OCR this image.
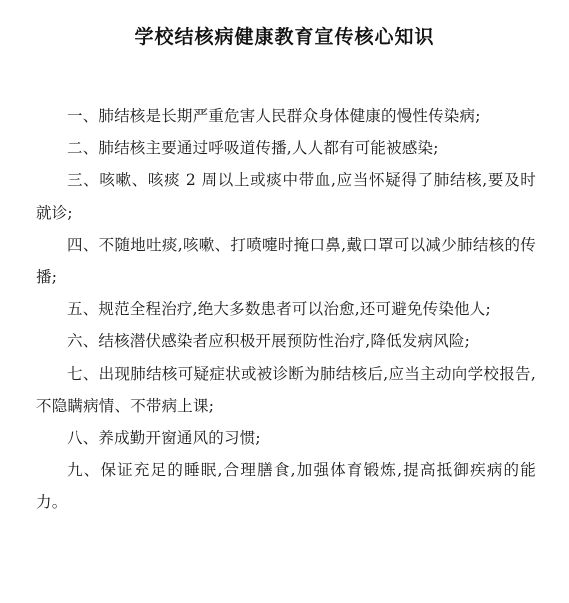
学校结核病健康教育宣传核心知识

一、肺结核是长期严重危害人民群众身体健康的慢性传染病;

二、肺结核主要通过呼吸道传播,人人都有可能被感染;

三、咳嗽、咳痰 2 周以上或痰中带血,应当怀疑得了肺结核,要及时就诊;

四、不随地吐痰,咳嗽、打喷嚏时掩口鼻,戴口罩可以减少肺结核的传播;

五、规范全程治疗,绝大多数患者可以治愈,还可避免传染他人;

六、结核潜伏感染者应积极开展预防性治疗,降低发病风险;

七、出现肺结核可疑症状或被诊断为肺结核后,应当主动向学校报告,不隐瞒病情、不带病上课;

八、养成勤开窗通风的习惯;

九、保证充足的睡眠,合理膳食,加强体育锻炼,提高抵御疾病的能力。
